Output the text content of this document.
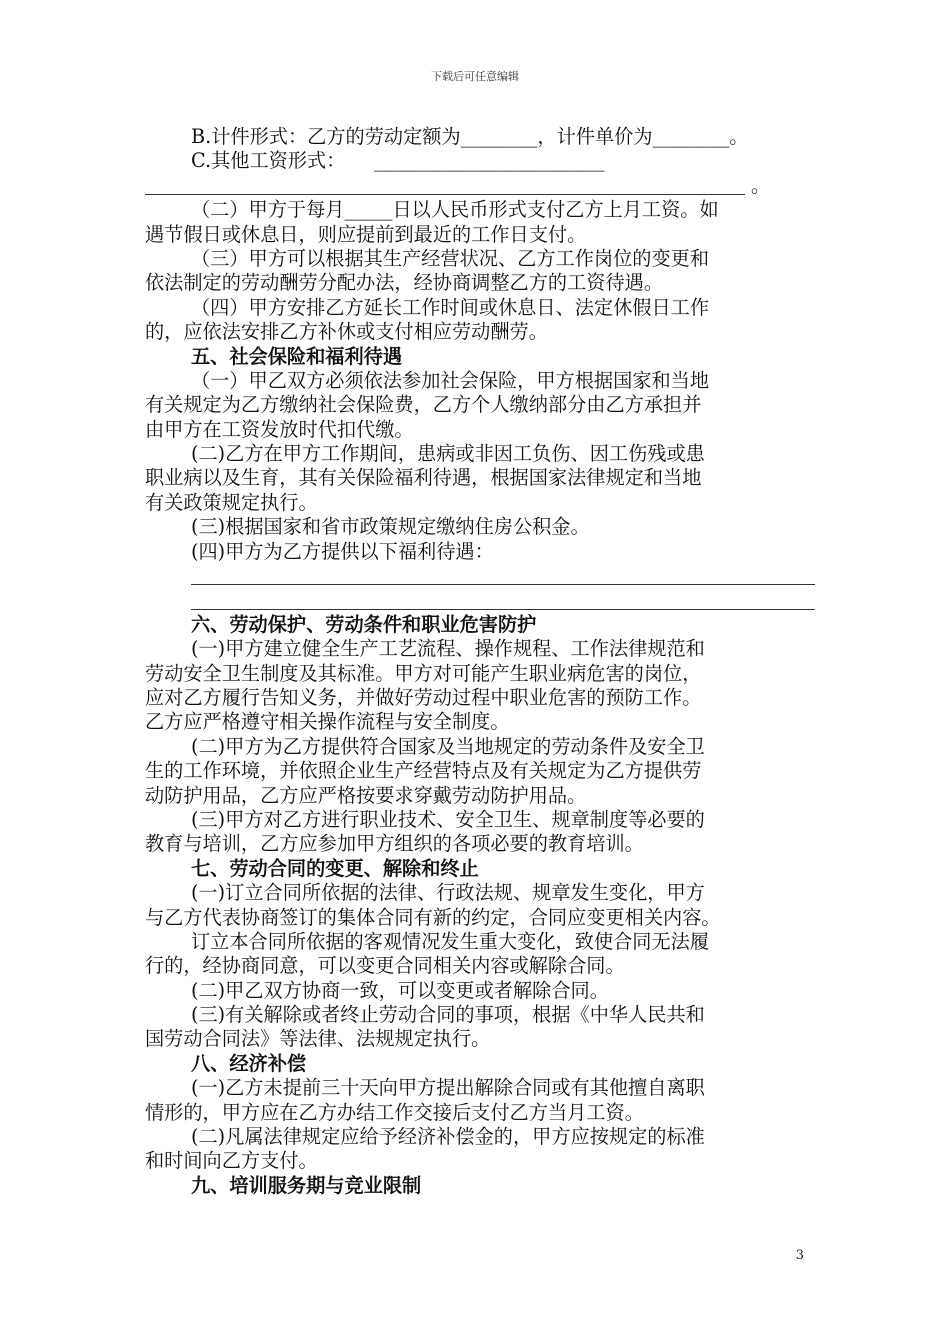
下载后可任意编辑
B.计件形式：乙方的劳动定额为________，计件单价为________。
C.其他工资形式：　　________________________
。
（二）甲方于每月_____日以人民币形式支付乙方上月工资。如
遇节假日或休息日，则应提前到最近的工作日支付。
（三）甲方可以根据其生产经营状况、乙方工作岗位的变更和
依法制定的劳动酬劳分配办法，经协商调整乙方的工资待遇。
（四）甲方安排乙方延长工作时间或休息日、法定休假日工作
的，应依法安排乙方补休或支付相应劳动酬劳。
五、社会保险和福利待遇
（一）甲乙双方必须依法参加社会保险，甲方根据国家和当地
有关规定为乙方缴纳社会保险费，乙方个人缴纳部分由乙方承担并
由甲方在工资发放时代扣代缴。
(二)乙方在甲方工作期间，患病或非因工负伤、因工伤残或患
职业病以及生育，其有关保险福利待遇，根据国家法律规定和当地
有关政策规定执行。
(三)根据国家和省市政策规定缴纳住房公积金。
(四)甲方为乙方提供以下福利待遇：
六、劳动保护、劳动条件和职业危害防护
(一)甲方建立健全生产工艺流程、操作规程、工作法律规范和
劳动安全卫生制度及其标准。甲方对可能产生职业病危害的岗位，
应对乙方履行告知义务，并做好劳动过程中职业危害的预防工作。
乙方应严格遵守相关操作流程与安全制度。
(二)甲方为乙方提供符合国家及当地规定的劳动条件及安全卫
生的工作环境，并依照企业生产经营特点及有关规定为乙方提供劳
动防护用品，乙方应严格按要求穿戴劳动防护用品。
(三)甲方对乙方进行职业技术、安全卫生、规章制度等必要的
教育与培训，乙方应参加甲方组织的各项必要的教育培训。
七、劳动合同的变更、解除和终止
(一)订立合同所依据的法律、行政法规、规章发生变化，甲方
与乙方代表协商签订的集体合同有新的约定，合同应变更相关内容。
订立本合同所依据的客观情况发生重大变化，致使合同无法履
行的，经协商同意，可以变更合同相关内容或解除合同。
(二)甲乙双方协商一致，可以变更或者解除合同。
(三)有关解除或者终止劳动合同的事项，根据《中华人民共和
国劳动合同法》等法律、法规规定执行。
八、经济补偿
(一)乙方未提前三十天向甲方提出解除合同或有其他擅自离职
情形的，甲方应在乙方办结工作交接后支付乙方当月工资。
(二)凡属法律规定应给予经济补偿金的，甲方应按规定的标准
和时间向乙方支付。
九、培训服务期与竞业限制
3
